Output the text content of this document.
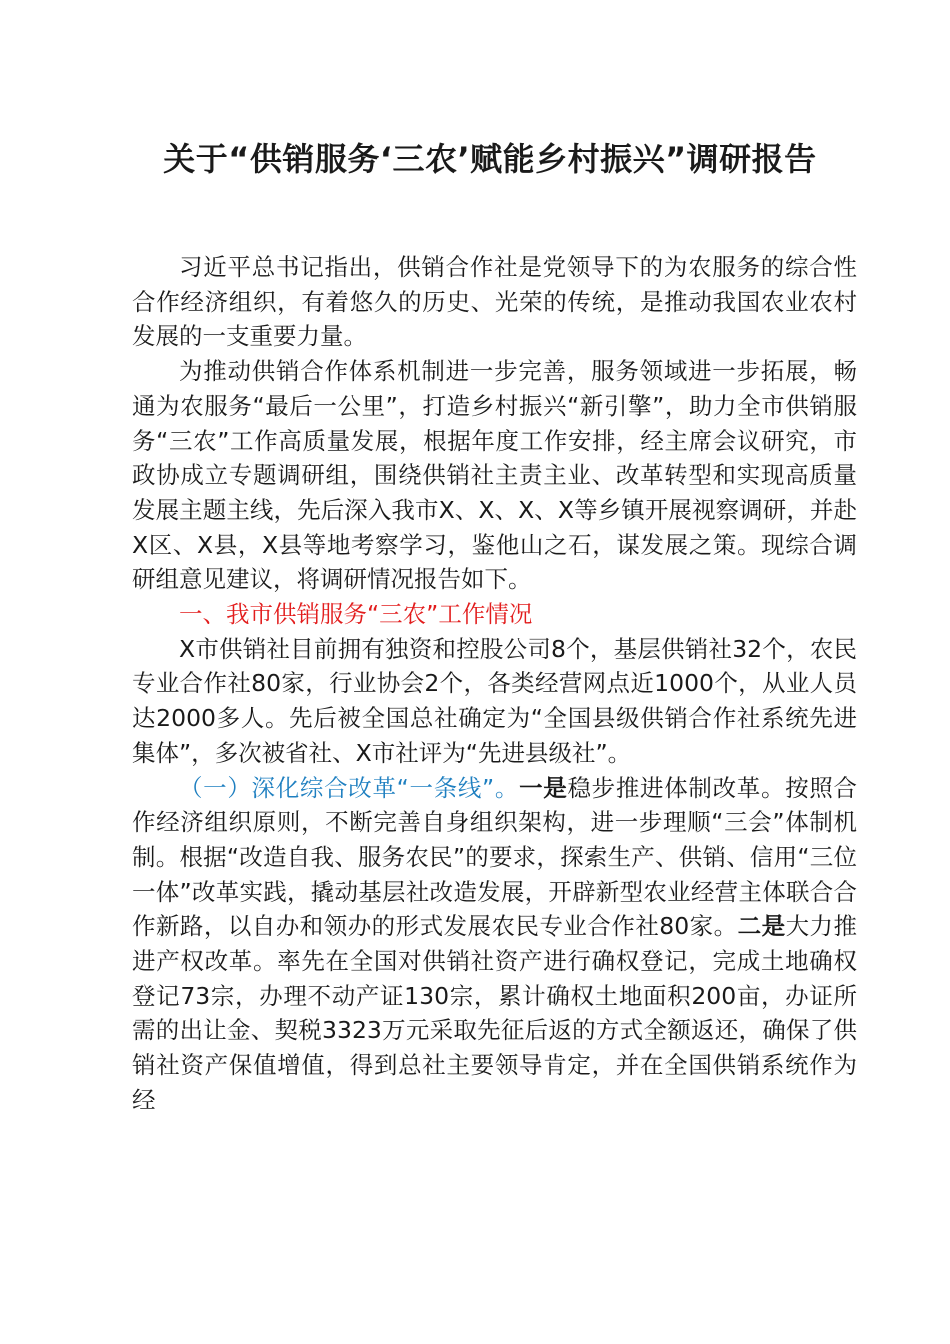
关于“供销服务‘三农’赋能乡村振兴”调研报告

习近平总书记指出，供销合作社是党领导下的为农服务的综合性合作经济组织，有着悠久的历史、光荣的传统，是推动我国农业农村发展的一支重要力量。

为推动供销合作体系机制进一步完善，服务领域进一步拓展，畅通为农服务“最后一公里”，打造乡村振兴“新引擎”，助力全市供销服务“三农”工作高质量发展，根据年度工作安排，经主席会议研究，市政协成立专题调研组，围绕供销社主责主业、改革转型和实现高质量发展主题主线，先后深入我市X、X、X、X等乡镇开展视察调研，并赴X区、X县，X县等地考察学习，鉴他山之石，谋发展之策。现综合调研组意见建议，将调研情况报告如下。

一、我市供销服务“三农”工作情况

X市供销社目前拥有独资和控股公司8个，基层供销社32个，农民专业合作社80家，行业协会2个，各类经营网点近1000个，从业人员达2000多人。先后被全国总社确定为“全国县级供销合作社系统先进集体”，多次被省社、X市社评为“先进县级社”。

（一）深化综合改革“一条线”。一是稳步推进体制改革。按照合作经济组织原则，不断完善自身组织架构，进一步理顺“三会”体制机制。根据“改造自我、服务农民”的要求，探索生产、供销、信用“三位一体”改革实践，撬动基层社改造发展，开辟新型农业经营主体联合合作新路，以自办和领办的形式发展农民专业合作社80家。二是大力推进产权改革。率先在全国对供销社资产进行确权登记，完成土地确权登记73宗，办理不动产证130宗，累计确权土地面积200亩，办证所需的出让金、契税3323万元采取先征后返的方式全额返还，确保了供销社资产保值增值，得到总社主要领导肯定，并在全国供销系统作为经
